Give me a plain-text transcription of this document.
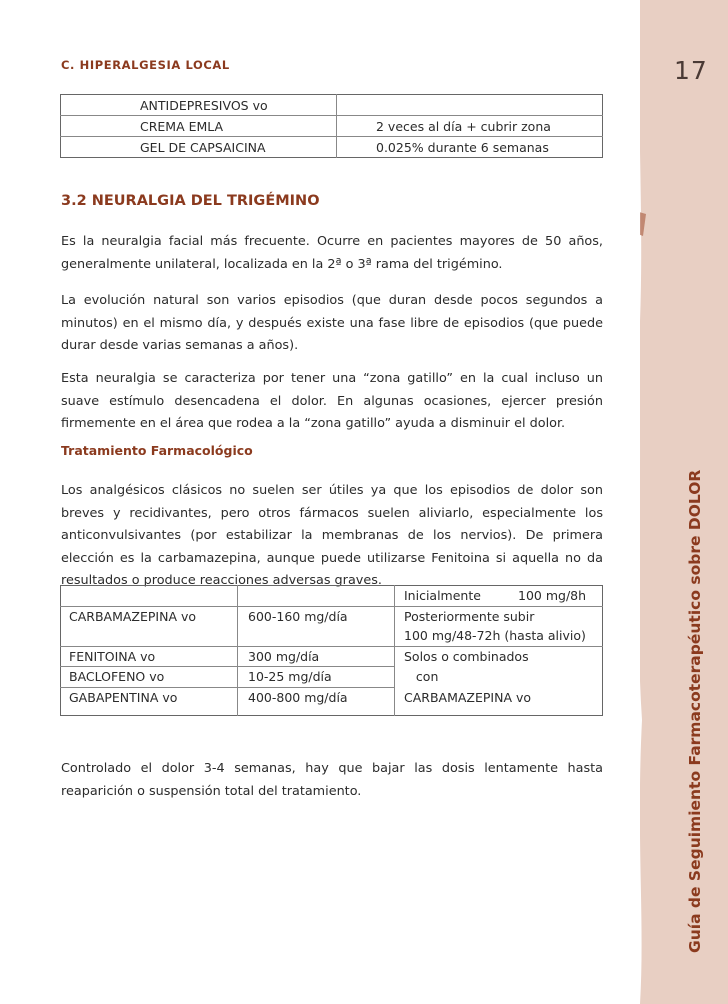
17
Guía de Seguimiento Farmacoterapéutico sobre DOLOR
C. HIPERALGESIA LOCAL
ANTIDEPRESIVOS vo	
CREMA EMLA	2 veces al día + cubrir zona
GEL DE CAPSAICINA	0.025% durante 6 semanas
3.2 NEURALGIA DEL TRIGÉMINO
Es la neuralgia facial más frecuente. Ocurre en pacientes mayores de 50 años, generalmente unilateral, localizada en la 2ª o 3ª rama del trigémino.
La evolución natural son varios episodios (que duran desde pocos segundos a minutos) en el mismo día, y después existe una fase libre de episodios (que puede durar desde varias semanas a años).
Esta neuralgia se caracteriza por tener una “zona gatillo” en la cual incluso un suave estímulo desencadena el dolor. En algunas ocasiones, ejercer presión firmemente en el área que rodea a la “zona gatillo” ayuda a disminuir el dolor.
Tratamiento Farmacológico
Los analgésicos clásicos no suelen ser útiles ya que los episodios de dolor son breves y recidivantes, pero otros fármacos suelen aliviarlo, especialmente los anticonvulsivantes (por estabilizar la membranas de los nervios). De primera elección es la carbamazepina, aunque puede utilizarse Fenitoina si aquella no da resultados o produce reacciones adversas graves.
		Inicialmente 100 mg/8h
CARBAMAZEPINA vo	600-160 mg/día	Posteriormente subir
		100 mg/48-72h (hasta alivio)
FENITOINA vo	300 mg/día	Solos o combinados
BACLOFENO vo	10-25 mg/día	con
GABAPENTINA vo	400-800 mg/día	CARBAMAZEPINA vo

Controlado el dolor 3-4 semanas, hay que bajar las dosis lentamente hasta reaparición o suspensión total del tratamiento.
